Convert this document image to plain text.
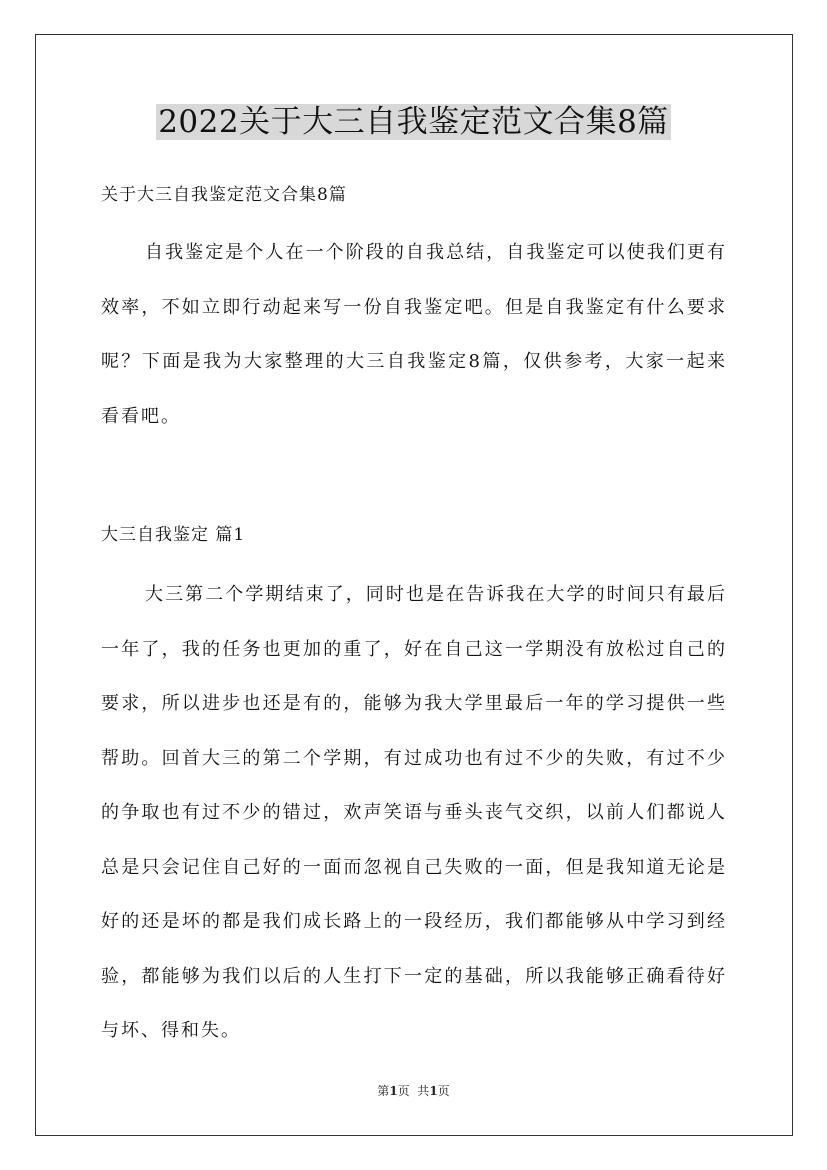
2022关于大三自我鉴定范文合集8篇
关于大三自我鉴定范文合集8篇

自我鉴定是个人在一个阶段的自我总结，自我鉴定可以使我们更有效率，不如立即行动起来写一份自我鉴定吧。但是自我鉴定有什么要求呢？下面是我为大家整理的大三自我鉴定8篇，仅供参考，大家一起来看看吧。

大三自我鉴定 篇1

大三第二个学期结束了，同时也是在告诉我在大学的时间只有最后一年了，我的任务也更加的重了，好在自己这一学期没有放松过自己的要求，所以进步也还是有的，能够为我大学里最后一年的学习提供一些帮助。回首大三的第二个学期，有过成功也有过不少的失败，有过不少的争取也有过不少的错过，欢声笑语与垂头丧气交织，以前人们都说人总是只会记住自己好的一面而忽视自己失败的一面，但是我知道无论是好的还是坏的都是我们成长路上的一段经历，我们都能够从中学习到经验，都能够为我们以后的人生打下一定的基础，所以我能够正确看待好与坏、得和失。

第1页  共1页
